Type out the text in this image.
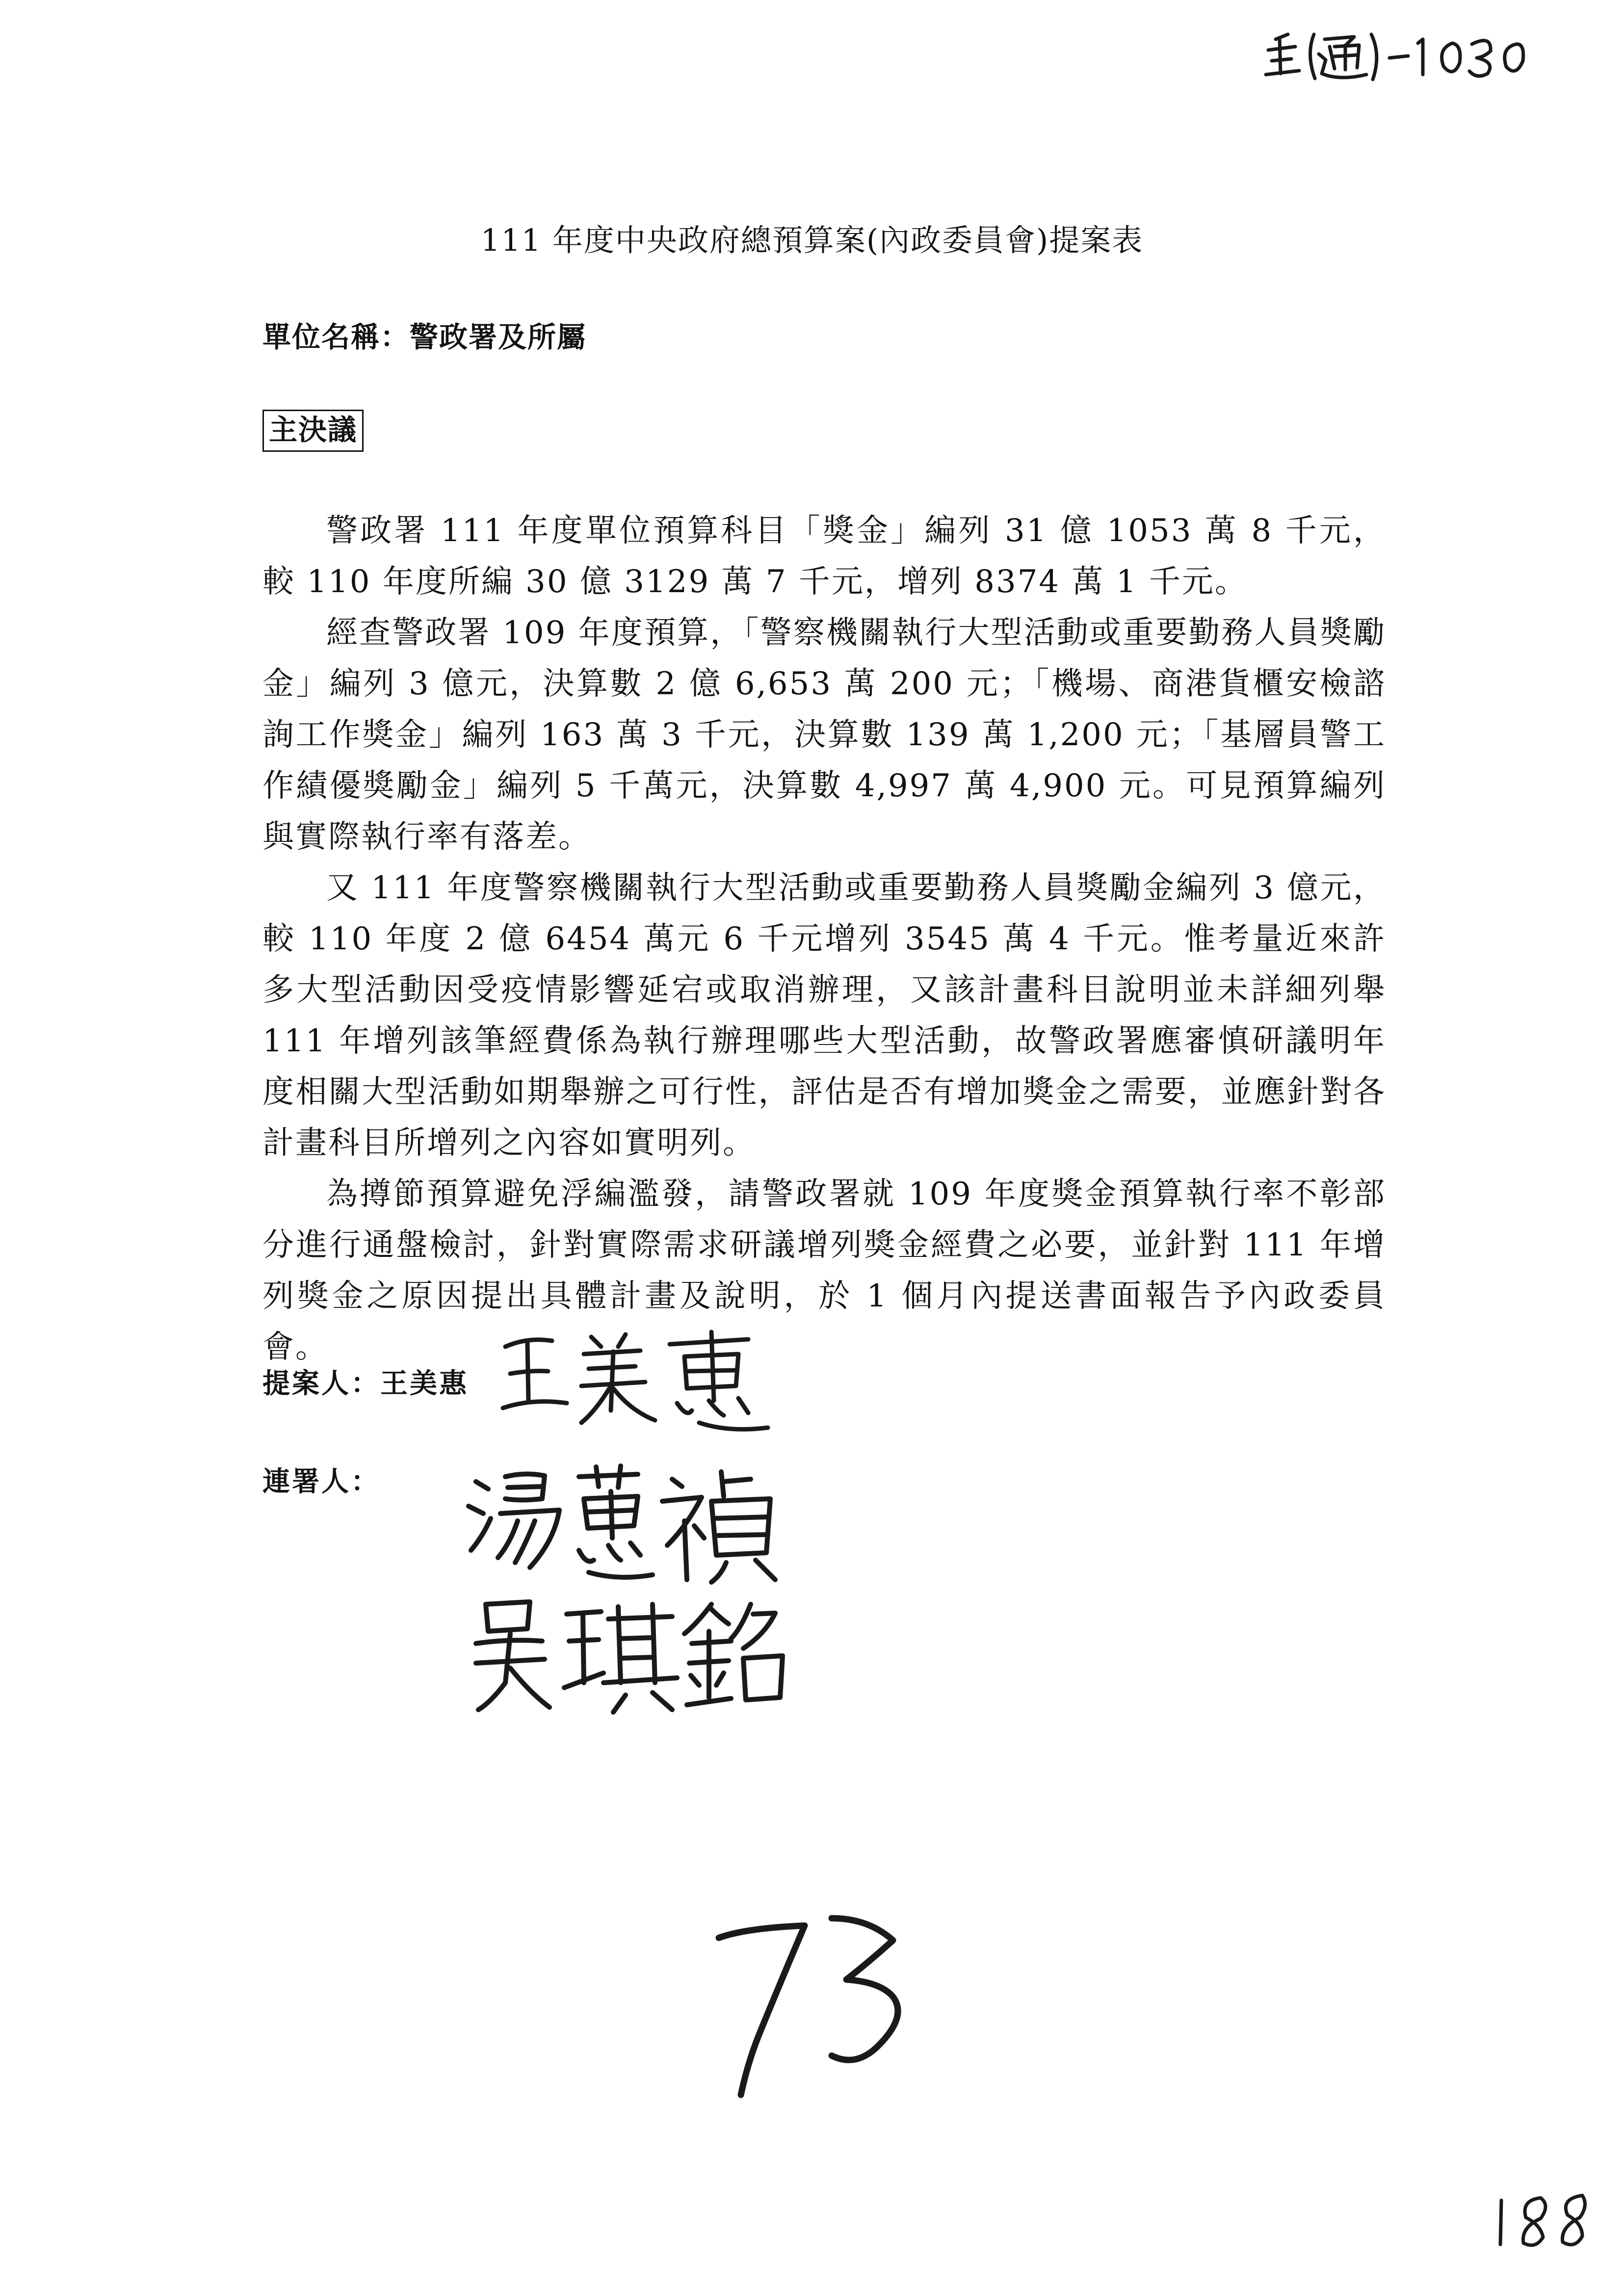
111 年度中央政府總預算案(內政委員會)提案表
單位名稱：警政署及所屬
主決議

警政署 111 年度單位預算科目「獎金」編列 31 億 1053 萬 8 千元，較 110 年度所編 30 億 3129 萬 7 千元，增列 8374 萬 1 千元。

經查警政署 109 年度預算，「警察機關執行大型活動或重要勤務人員獎勵金」編列 3 億元，決算數 2 億 6,653 萬 200 元；「機場、商港貨櫃安檢諮詢工作獎金」編列 163 萬 3 千元，決算數 139 萬 1,200 元；「基層員警工作績優獎勵金」編列 5 千萬元，決算數 4,997 萬 4,900 元。可見預算編列與實際執行率有落差。

又 111 年度警察機關執行大型活動或重要勤務人員獎勵金編列 3 億元，較 110 年度 2 億 6454 萬元 6 千元增列 3545 萬 4 千元。惟考量近來許多大型活動因受疫情影響延宕或取消辦理，又該計畫科目說明並未詳細列舉 111 年增列該筆經費係為執行辦理哪些大型活動，故警政署應審慎研議明年度相關大型活動如期舉辦之可行性，評估是否有增加獎金之需要，並應針對各計畫科目所增列之內容如實明列。

為撙節預算避免浮編濫發，請警政署就 109 年度獎金預算執行率不彰部分進行通盤檢討，針對實際需求研議增列獎金經費之必要，並針對 111 年增列獎金之原因提出具體計畫及說明，於 1 個月內提送書面報告予內政委員會。

提案人：王美惠
連署人：
